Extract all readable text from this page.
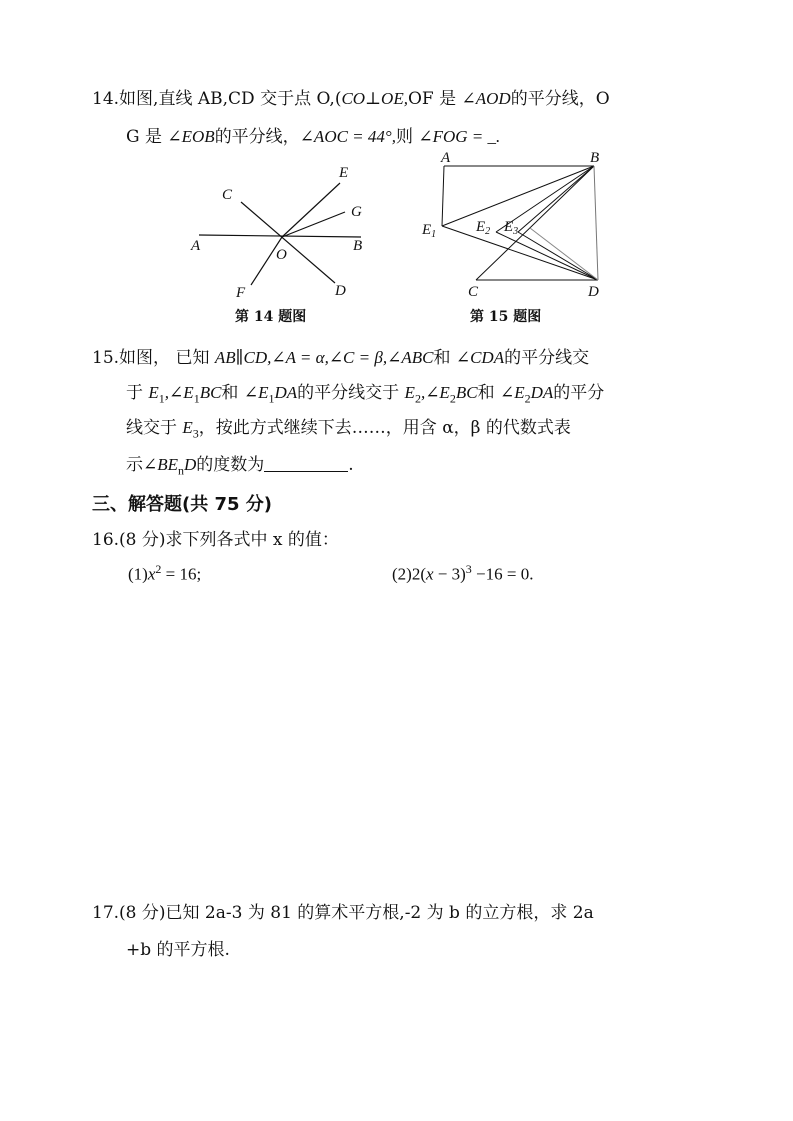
14.如图,直线 AB,CD 交于点 O,(CO⊥OE,OF 是 ∠AOD的平分线，O
G 是 ∠EOB的平分线，∠AOC = 44°,则 ∠FOG = _.
C
E
G
A
O
B
F	D
第 14 题图
A	B
$E_1$	$E_2$ $E_3$
C	D
第 15 题图
15.如图， 已知 AB∥CD,∠A = α,∠C = β,∠ABC和 ∠CDA的平分线交
于 $E_1,\angle E_1BC$和 $\angle E_1DA$的平分线交于 $E_2,\angle E_2BC$和 $\angle E_2DA$的平分
线交于 $E_3$，按此方式继续下去……，用含 α，β 的代数式表
示$\angle BE_nD$的度数为	.
三、解答题(共 75 分)
16.(8 分)求下列各式中 x 的值：
$(1)x^2 = 16$;	$(2)2(x - 3)^3 -16 = 0$.
17.(8 分)已知 2a-3 为 81 的算术平方根,-2 为 b 的立方根，求 2a
+b 的平方根.
